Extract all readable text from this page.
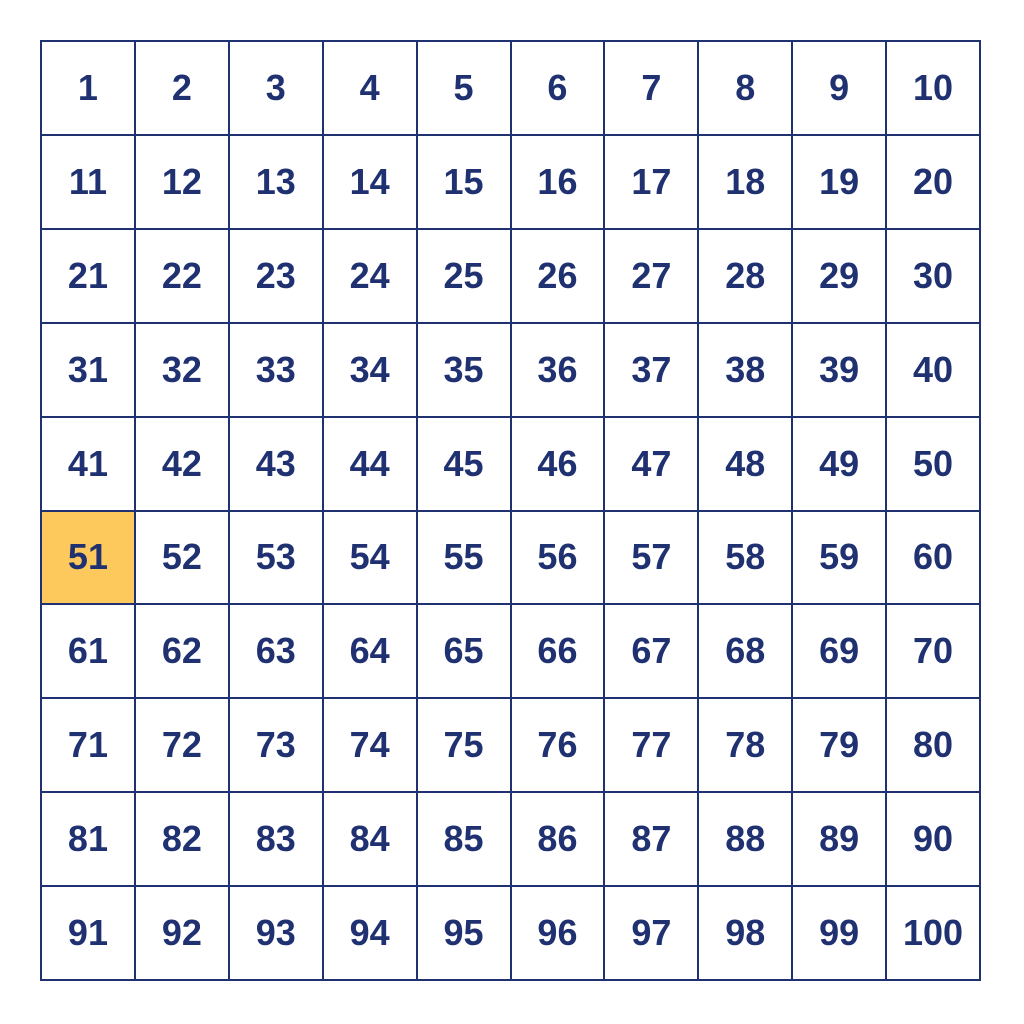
1	2	3	4	5	6	7	8	9	10
11	12	13	14	15	16	17	18	19	20
21	22	23	24	25	26	27	28	29	30
31	32	33	34	35	36	37	38	39	40
41	42	43	44	45	46	47	48	49	50
51	52	53	54	55	56	57	58	59	60
61	62	63	64	65	66	67	68	69	70
71	72	73	74	75	76	77	78	79	80
81	82	83	84	85	86	87	88	89	90
91	92	93	94	95	96	97	98	99	100
